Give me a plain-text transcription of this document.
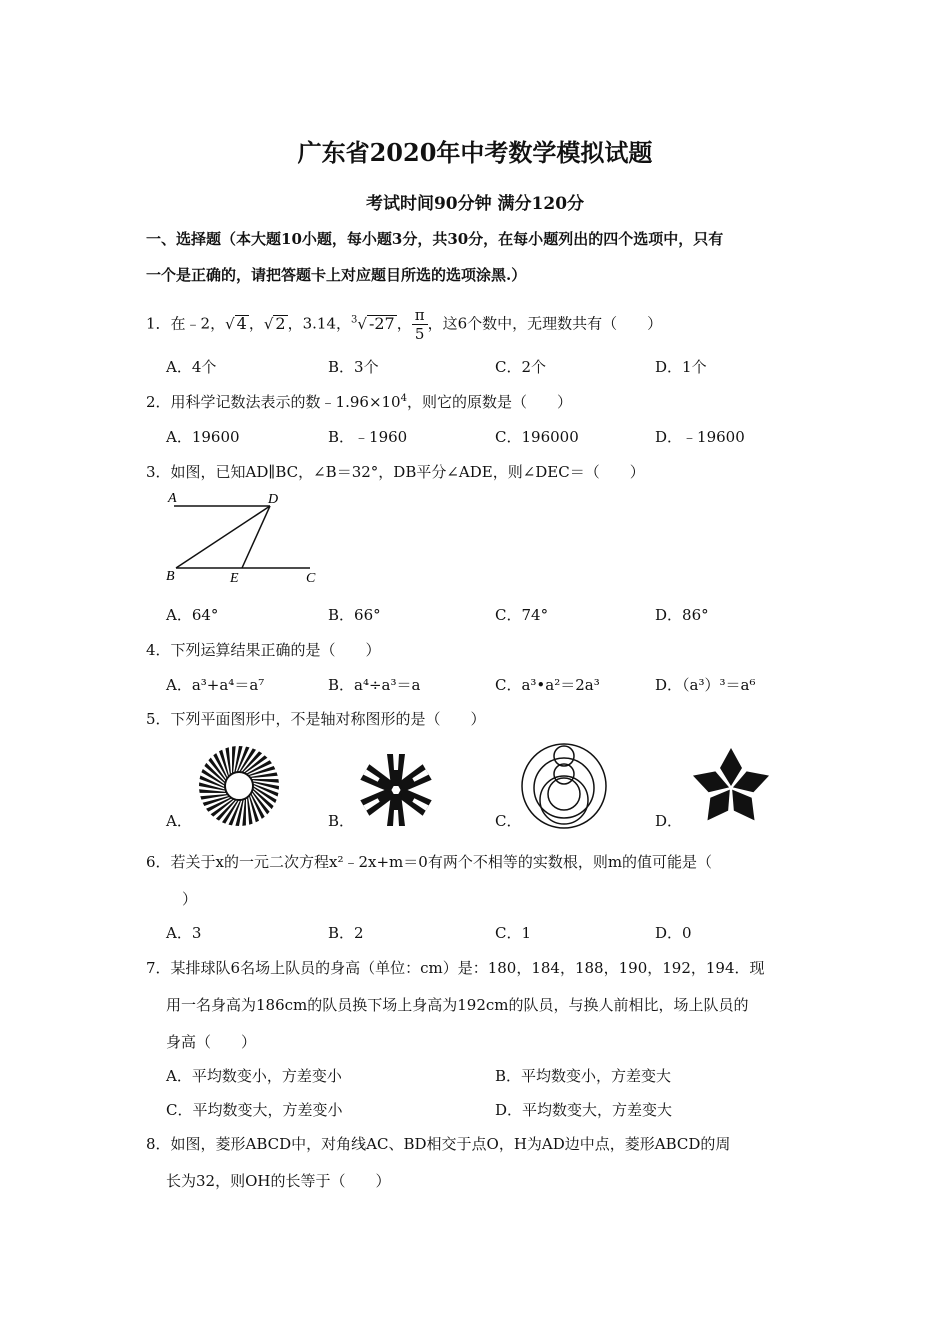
广东省2020年中考数学模拟试题
考试时间90分钟 满分120分
一、选择题（本大题10小题，每小题3分，共30分，在每小题列出的四个选项中，只有
一个是正确的，请把答题卡上对应题目所选的选项涂黑.）
1．在﹣2，√ 4 ，√ 2 ，3.14，$^3$√ -27 ， $\frac{\pi}{5}$ ，这6个数中，无理数共有（　　）
A．4个	B．3个	C．2个	D．1个
2．用科学记数法表示的数$﹣1.96\times 10^4$，则它的原数是（　　）
A．19600	B．﹣1960	C．196000	D．﹣19600
3．如图，已知AD∥BC，∠B＝32°，DB平分∠ADE，则∠DEC＝（　　）
A	D
B	E	C
A．64°	B．66°	C．74°	D．86°
4．下列运算结果正确的是（　　）
A．a³+a⁴＝a⁷	B．a⁴÷a³＝a	C．a³•a²＝2a³	D．（a³）³＝a⁶
5．下列平面图形中，不是轴对称图形的是（　　）
A．	B．	C．	D．
6．若关于x的一元二次方程x²﹣2x+m＝0有两个不相等的实数根，则m的值可能是（
）
A．3	B．2	C．1	D．0
7．某排球队6名场上队员的身高（单位：cm）是：180，184，188，190，192，194．现
用一名身高为186cm的队员换下场上身高为192cm的队员，与换人前相比，场上队员的
身高（　　）
A．平均数变小，方差变小	B．平均数变小，方差变大
C．平均数变大，方差变小	D．平均数变大，方差变大
8．如图，菱形ABCD中，对角线AC、BD相交于点O，H为AD边中点，菱形ABCD的周
长为32，则OH的长等于（　　）
